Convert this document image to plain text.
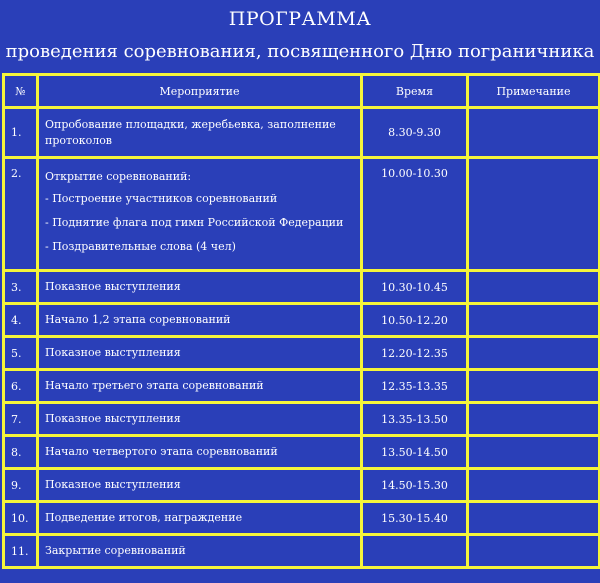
ПРОГРАММА
проведения соревнования, посвященного Дню пограничника
№	Мероприятие	Время	Примечание
1.	Опробование площадки, жеребьевка, заполнение протоколов	8.30-9.30	
2.	Открытие соревнований:
- Построение участников соревнований
- Поднятие флага под гимн Российской Федерации
- Поздравительные слова (4 чел)	10.00-10.30	
3.	Показное выступления	10.30-10.45	
4.	Начало 1,2 этапа соревнований	10.50-12.20	
5.	Показное выступления	12.20-12.35	
6.	Начало третьего этапа соревнований	12.35-13.35	
7.	Показное выступления	13.35-13.50	
8.	Начало четвертого этапа соревнований	13.50-14.50	
9.	Показное выступления	14.50-15.30	
10.	Подведение итогов, награждение	15.30-15.40	
11.	Закрытие соревнований		
